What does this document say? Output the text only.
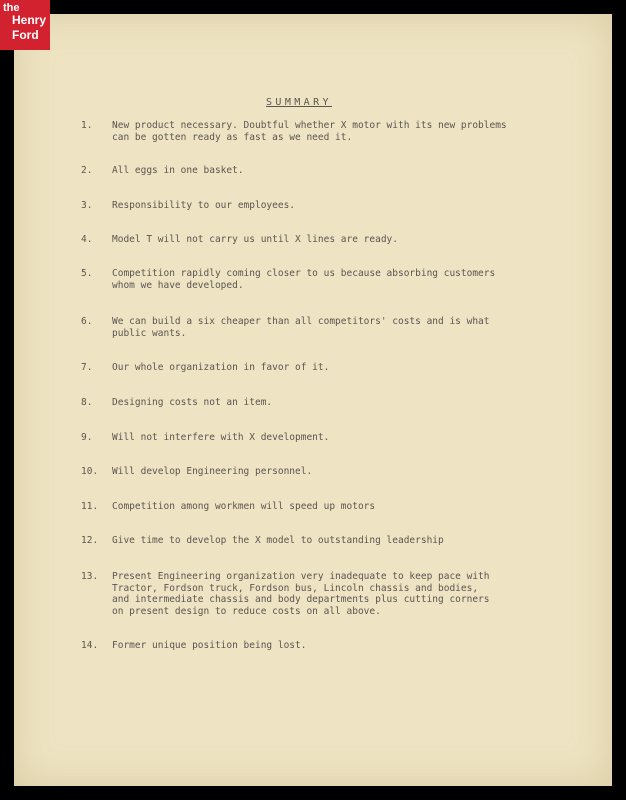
SUMMARY
1.	New product necessary. Doubtful whether X motor with its new problems
can be gotten ready as fast as we need it.
2.	All eggs in one basket.
3.	Responsibility to our employees.
4.	Model T will not carry us until X lines are ready.
5.	Competition rapidly coming closer to us because absorbing customers
whom we have developed.
6.	We can build a six cheaper than all competitors' costs and is what
public wants.
7.	Our whole organization in favor of it.
8.	Designing costs not an item.
9.	Will not interfere with X development.
10.	Will develop Engineering personnel.
11.	Competition among workmen will speed up motors
12.	Give time to develop the X model to outstanding leadership
13.	Present Engineering organization very inadequate to keep pace with
Tractor, Fordson truck, Fordson bus, Lincoln chassis and bodies,
and intermediate chassis and body departments plus cutting corners
on present design to reduce costs on all above.
14.	Former unique position being lost.
the
Henry
Ford
